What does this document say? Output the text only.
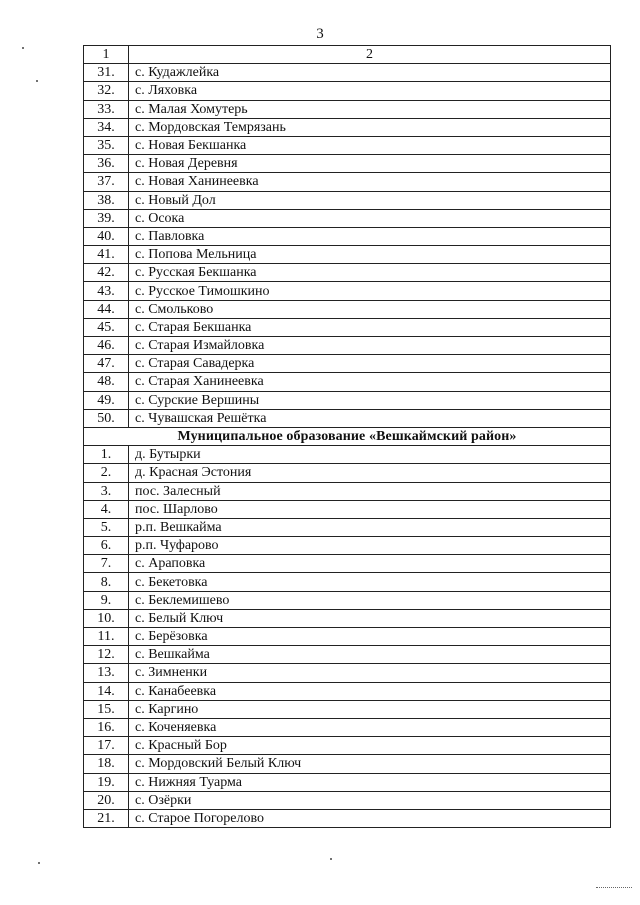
3
1	2
31.	с. Кудажлейка
32.	с. Ляховка
33.	с. Малая Хомутерь
34.	с. Мордовская Темрязань
35.	с. Новая Бекшанка
36.	с. Новая Деревня
37.	с. Новая Ханинеевка
38.	с. Новый Дол
39.	с. Осока
40.	с. Павловка
41.	с. Попова Мельница
42.	с. Русская Бекшанка
43.	с. Русское Тимошкино
44.	с. Смольково
45.	с. Старая Бекшанка
46.	с. Старая Измайловка
47.	с. Старая Савадерка
48.	с. Старая Ханинеевка
49.	с. Сурские Вершины
50.	с. Чувашская Решётка
Муниципальное образование «Вешкаймский район»	
1.	д. Бутырки
2.	д. Красная Эстония
3.	пос. Залесный
4.	пос. Шарлово
5.	р.п. Вешкайма
6.	р.п. Чуфарово
7.	с. Араповка
8.	с. Бекетовка
9.	с. Беклемишево
10.	с. Белый Ключ
11.	с. Берёзовка
12.	с. Вешкайма
13.	с. Зимненки
14.	с. Канабеевка
15.	с. Каргино
16.	с. Коченяевка
17.	с. Красный Бор
18.	с. Мордовский Белый Ключ
19.	с. Нижняя Туарма
20.	с. Озёрки
21.	с. Старое Погорелово
